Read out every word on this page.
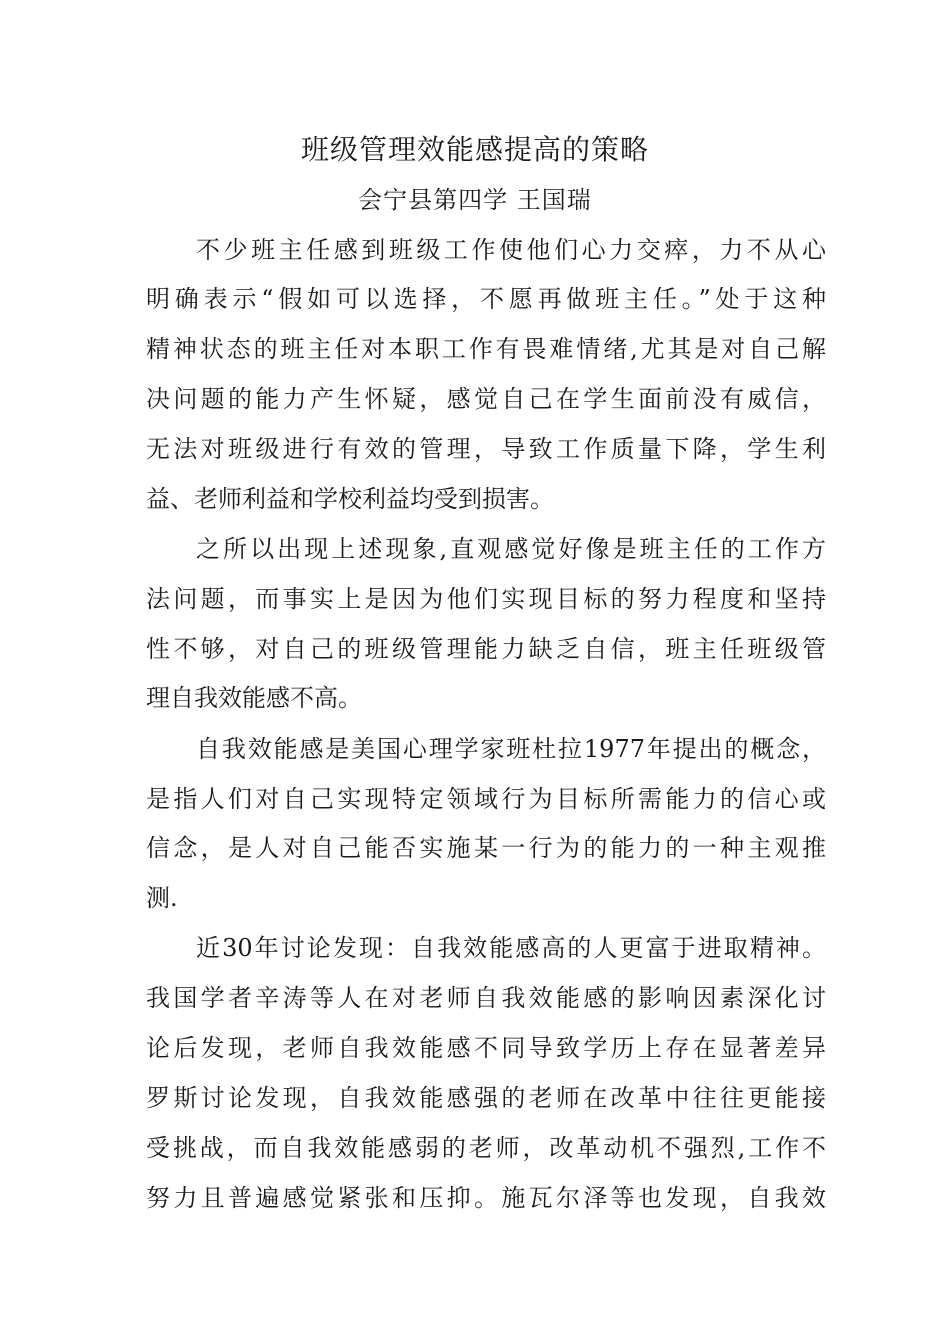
班级管理效能感提高的策略
会宁县第四学 王国瑞
不少班主任感到班级工作使他们心力交瘁，力不从心
明确表示“假如可以选择，不愿再做班主任。”处于这种
精神状态的班主任对本职工作有畏难情绪,尤其是对自己解
决问题的能力产生怀疑，感觉自己在学生面前没有威信，
无法对班级进行有效的管理，导致工作质量下降，学生利
益、老师利益和学校利益均受到损害。
之所以出现上述现象,直观感觉好像是班主任的工作方
法问题，而事实上是因为他们实现目标的努力程度和坚持
性不够，对自己的班级管理能力缺乏自信，班主任班级管
理自我效能感不高。
自我效能感是美国心理学家班杜拉1977年提出的概念，
是指人们对自己实现特定领域行为目标所需能力的信心或
信念，是人对自己能否实施某一行为的能力的一种主观推
测.
近30年讨论发现：自我效能感高的人更富于进取精神。
我国学者辛涛等人在对老师自我效能感的影响因素深化讨
论后发现，老师自我效能感不同导致学历上存在显著差异
罗斯讨论发现，自我效能感强的老师在改革中往往更能接
受挑战，而自我效能感弱的老师，改革动机不强烈,工作不
努力且普遍感觉紧张和压抑。施瓦尔泽等也发现，自我效
